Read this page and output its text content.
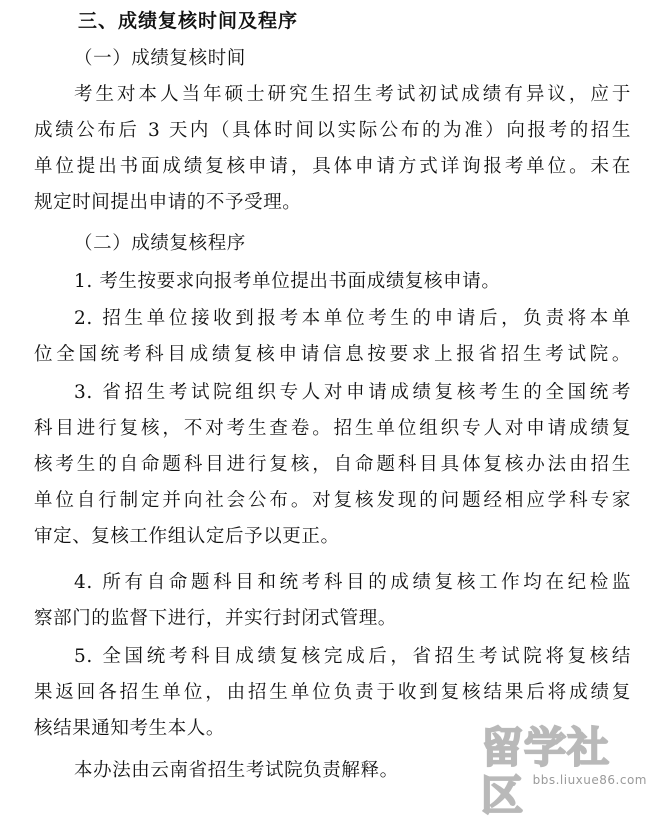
三、成绩复核时间及程序
（一）成绩复核时间
考生对本人当年硕士研究生招生考试初试成绩有异议，应于
成绩公布后 3 天内（具体时间以实际公布的为准）向报考的招生
单位提出书面成绩复核申请，具体申请方式详询报考单位。未在
规定时间提出申请的不予受理。
（二）成绩复核程序
1. 考生按要求向报考单位提出书面成绩复核申请。
2. 招生单位接收到报考本单位考生的申请后，负责将本单
位全国统考科目成绩复核申请信息按要求上报省招生考试院。
3. 省招生考试院组织专人对申请成绩复核考生的全国统考
科目进行复核，不对考生查卷。招生单位组织专人对申请成绩复
核考生的自命题科目进行复核，自命题科目具体复核办法由招生
单位自行制定并向社会公布。对复核发现的问题经相应学科专家
审定、复核工作组认定后予以更正。
4. 所有自命题科目和统考科目的成绩复核工作均在纪检监
察部门的监督下进行，并实行封闭式管理。
5. 全国统考科目成绩复核完成后，省招生考试院将复核结
果返回各招生单位，由招生单位负责于收到复核结果后将成绩复
核结果通知考生本人。
本办法由云南省招生考试院负责解释。	留学社区 bbs.liuxue86.com
